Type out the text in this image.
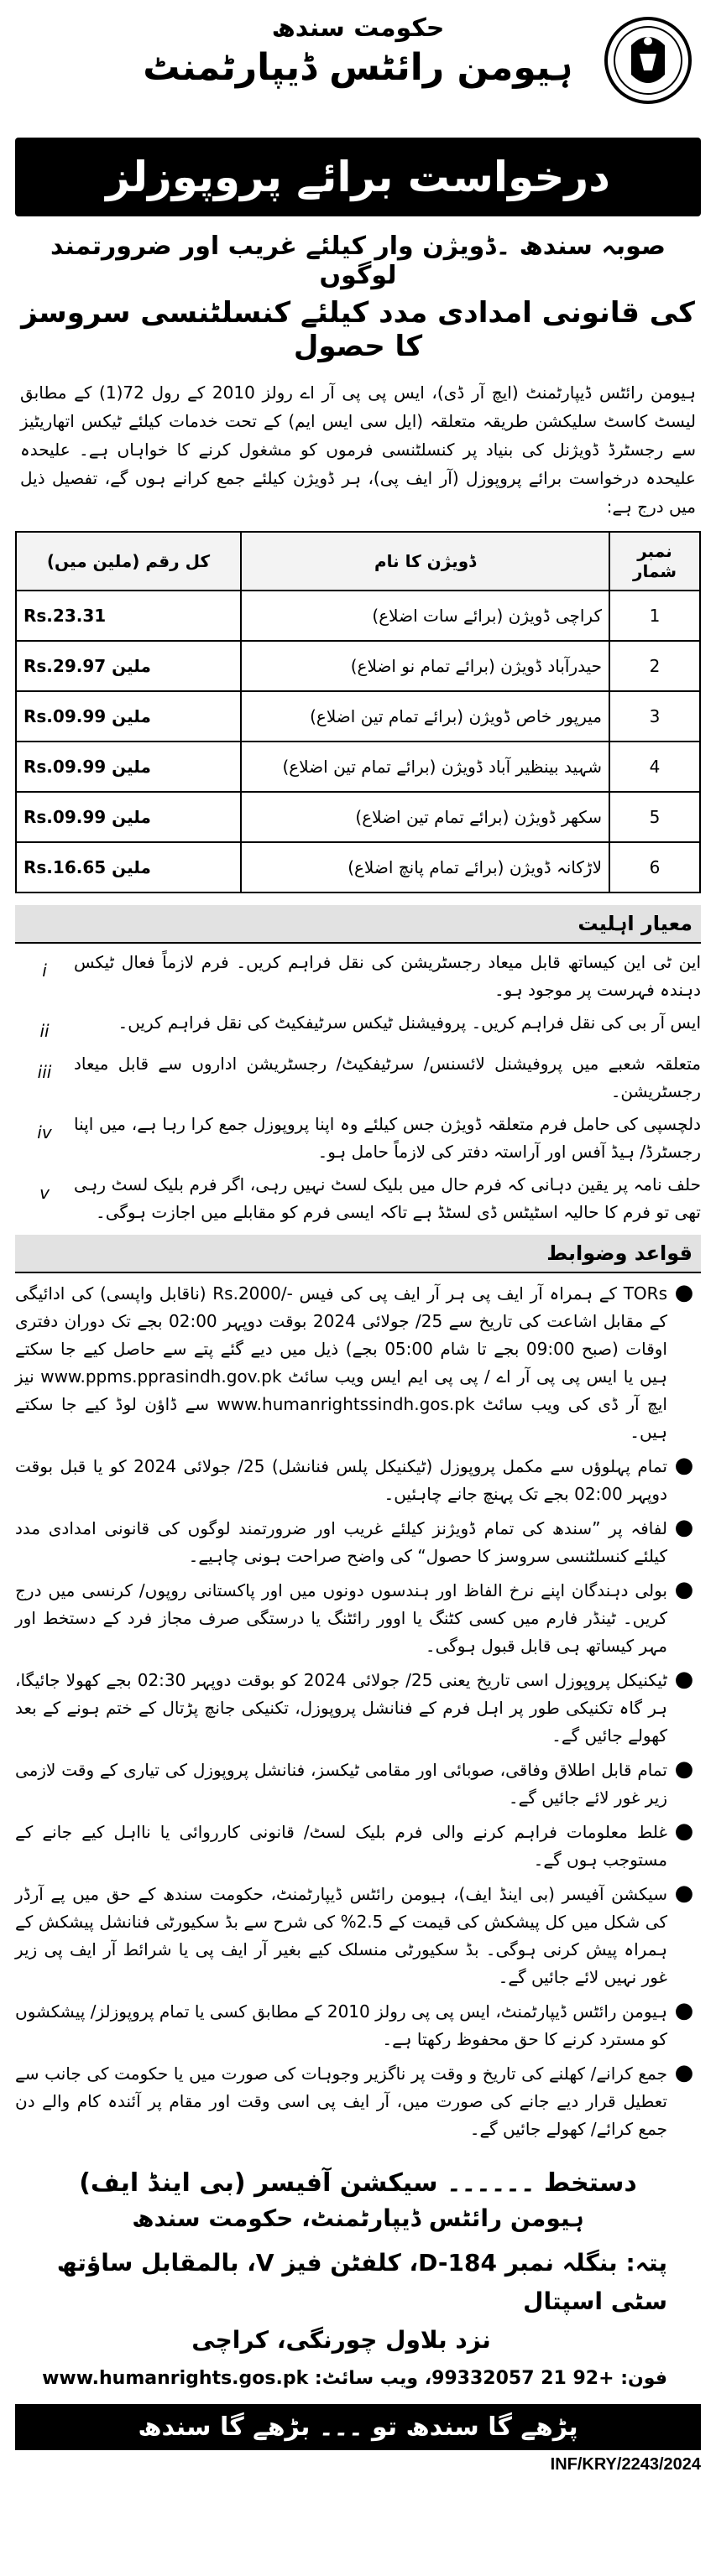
حکومت سندھ
ہیومن رائٹس ڈیپارٹمنٹ
درخواست برائے پروپوزلز
صوبہ سندھ ۔ڈویژن وار کیلئے غریب اور ضرورتمند لوگوں
کی قانونی امدادی مدد کیلئے کنسلٹنسی سروسز کا حصول
ہیومن رائٹس ڈیپارٹمنٹ (ایچ آر ڈی)، ایس پی پی آر اے رولز 2010 کے رول 72(1) کے مطابق لیسٹ کاسٹ سلیکشن طریقہ متعلقہ (ایل سی ایس ایم) کے تحت خدمات کیلئے ٹیکس اتھاریٹیز سے رجسٹرڈ ڈویژنل کی بنیاد پر کنسلٹنسی فرموں کو مشغول کرنے کا خواہاں ہے۔ علیحدہ علیحدہ درخواست برائے پروپوزل (آر ایف پی)، ہر ڈویژن کیلئے جمع کرانے ہوں گے، تفصیل ذیل میں درج ہے:
نمبر شمار	ڈویژن کا نام	کل رقم (ملین میں)
1	کراچی ڈویژن (برائے سات اضلاع)	Rs.23.31
2	حیدرآباد ڈویژن (برائے تمام نو اضلاع)	Rs.29.97 ملین
3	میرپور خاص ڈویژن (برائے تمام تین اضلاع)	Rs.09.99 ملین
4	شہید بینظیر آباد ڈویژن (برائے تمام تین اضلاع)	Rs.09.99 ملین
5	سکھر ڈویژن (برائے تمام تین اضلاع)	Rs.09.99 ملین
6	لاڑکانہ ڈویژن (برائے تمام پانچ اضلاع)	Rs.16.65 ملین
معیار اہلیت
این ٹی این کیساتھ قابل میعاد رجسٹریشن کی نقل فراہم کریں۔ فرم لازماً فعال ٹیکس دہندہ فہرست پر موجود ہو۔
i
ایس آر بی کی نقل فراہم کریں۔ پروفیشنل ٹیکس سرٹیفکیٹ کی نقل فراہم کریں۔
ii
متعلقہ شعبے میں پروفیشنل لائسنس/ سرٹیفکیٹ/ رجسٹریشن اداروں سے قابل میعاد رجسٹریشن۔
iii
دلچسپی کی حامل فرم متعلقہ ڈویژن جس کیلئے وہ اپنا پروپوزل جمع کرا رہا ہے، میں اپنا رجسٹرڈ/ ہیڈ آفس اور آراستہ دفتر کی لازماً حامل ہو۔
iv
حلف نامہ پر یقین دہانی کہ فرم حال میں بلیک لسٹ نہیں رہی، اگر فرم بلیک لسٹ رہی تھی تو فرم کا حالیہ اسٹیٹس ڈی لسٹڈ ہے تاکہ ایسی فرم کو مقابلے میں اجازت ہوگی۔
v
قواعد وضوابط
●
TORs کے ہمراہ آر ایف پی ہر آر ایف پی کی فیس -/Rs.2000 (ناقابل واپسی) کی ادائیگی کے مقابل اشاعت کی تاریخ سے 25/ جولائی 2024 بوقت دوپہر 02:00 بجے تک دوران دفتری اوقات (صبح 09:00 بجے تا شام 05:00 بجے) ذیل میں دیے گئے پتے سے حاصل کیے جا سکتے ہیں یا ایس پی پی آر اے / پی پی ایم ایس ویب سائٹ www.ppms.pprasindh.gov.pk نیز ایچ آر ڈی کی ویب سائٹ www.humanrightssindh.gos.pk سے ڈاؤن لوڈ کیے جا سکتے ہیں۔
●
تمام پہلوؤں سے مکمل پروپوزل (ٹیکنیکل پلس فنانشل) 25/ جولائی 2024 کو یا قبل بوقت دوپہر 02:00 بجے تک پہنچ جانے چاہئیں۔
●
لفافہ پر ”سندھ کی تمام ڈویژنز کیلئے غریب اور ضرورتمند لوگوں کی قانونی امدادی مدد کیلئے کنسلٹنسی سروسز کا حصول“ کی واضح صراحت ہونی چاہیے۔
●
بولی دہندگان اپنے نرخ الفاظ اور ہندسوں دونوں میں اور پاکستانی روپوں/ کرنسی میں درج کریں۔ ٹینڈر فارم میں کسی کٹنگ یا اوور رائٹنگ یا درستگی صرف مجاز فرد کے دستخط اور مہر کیساتھ ہی قابل قبول ہوگی۔
●
ٹیکنیکل پروپوزل اسی تاریخ یعنی 25/ جولائی 2024 کو بوقت دوپہر 02:30 بجے کھولا جائیگا، ہر گاہ تکنیکی طور پر اہل فرم کے فنانشل پروپوزل، تکنیکی جانچ پڑتال کے ختم ہونے کے بعد کھولے جائیں گے۔
●
تمام قابل اطلاق وفاقی، صوبائی اور مقامی ٹیکسز، فنانشل پروپوزل کی تیاری کے وقت لازمی زیر غور لائے جائیں گے۔
●
غلط معلومات فراہم کرنے والی فرم بلیک لسٹ/ قانونی کارروائی یا نااہل کیے جانے کے مستوجب ہوں گے۔
●
سیکشن آفیسر (بی اینڈ ایف)، ہیومن رائٹس ڈیپارٹمنٹ، حکومت سندھ کے حق میں پے آرڈر کی شکل میں کل پیشکش کی قیمت کے 2.5% کی شرح سے بڈ سکیورٹی فنانشل پیشکش کے ہمراہ پیش کرنی ہوگی۔ بڈ سکیورٹی منسلک کیے بغیر آر ایف پی یا شرائط آر ایف پی زیر غور نہیں لائے جائیں گے۔
●
ہیومن رائٹس ڈیپارٹمنٹ، ایس پی پی رولز 2010 کے مطابق کسی یا تمام پروپوزلز/ پیشکشوں کو مسترد کرنے کا حق محفوظ رکھتا ہے۔
●
جمع کرانے/ کھلنے کی تاریخ و وقت پر ناگزیر وجوہات کی صورت میں یا حکومت کی جانب سے تعطیل قرار دیے جانے کی صورت میں، آر ایف پی اسی وقت اور مقام پر آئندہ کام والے دن جمع کرائے/ کھولے جائیں گے۔
دستخط ۔۔۔۔۔۔ سیکشن آفیسر (بی اینڈ ایف)
ہیومن رائٹس ڈیپارٹمنٹ، حکومت سندھ
پتہ: بنگلہ نمبر D-184، کلفٹن فیز V، بالمقابل ساؤتھ سٹی اسپتال
نزد بلاول چورنگی، کراچی
فون: +92 21 99332057، ویب سائٹ: www.humanrights.gos.pk
پڑھے گا سندھ تو ۔۔۔ بڑھے گا سندھ
INF/KRY/2243/2024
